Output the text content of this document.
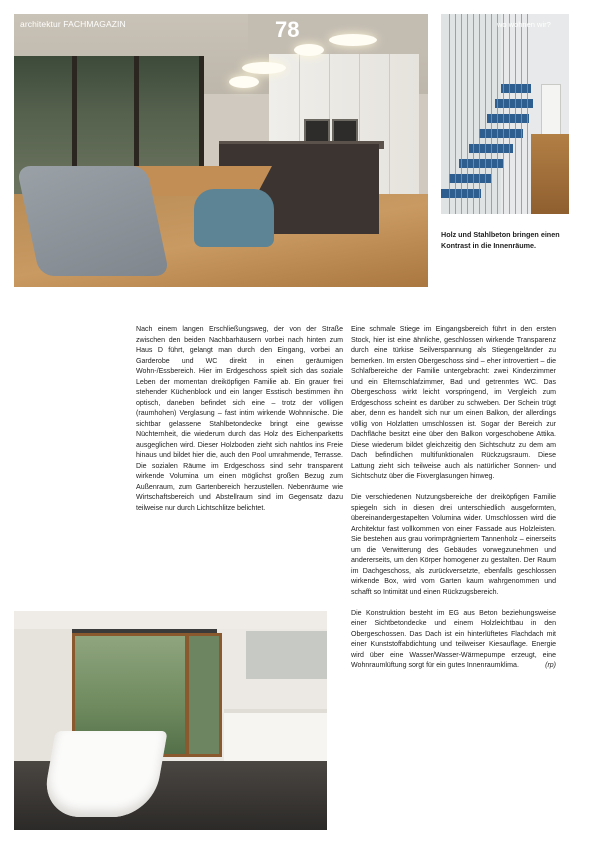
architektur FACHMAGAZIN	78	wo wohnen wir?
Holz und Stahlbeton bringen einen Kontrast in die Innenräume.

Nach einem langen Erschließungsweg, der von der Straße zwischen den beiden Nachbarhäusern vorbei nach hinten zum Haus D führt, gelangt man durch den Eingang, vorbei an Garderobe und WC direkt in einen geräumigen Wohn-/Essbereich. Hier im Erdgeschoss spielt sich das soziale Leben der momentan dreiköpfigen Familie ab. Ein grauer frei stehender Küchenblock und ein langer Esstisch bestimmen ihn optisch, daneben befindet sich eine – trotz der völligen (raumhohen) Verglasung – fast intim wirkende Wohnnische. Die sichtbar gelassene Stahlbetondecke bringt eine gewisse Nüchternheit, die wiederum durch das Holz des Eichenparketts ausgeglichen wird. Dieser Holzboden zieht sich nahtlos ins Freie hinaus und bildet hier die, auch den Pool umrahmende, Terrasse. Die sozialen Räume im Erdgeschoss sind sehr transparent wirkende Volumina um einen möglichst großen Bezug zum Außenraum, zum Gartenbereich herzustellen. Nebenräume wie Wirtschaftsbereich und Abstellraum sind im Gegensatz dazu teilweise nur durch Lichtschlitze belichtet.

Eine schmale Stiege im Eingangsbereich führt in den ersten Stock, hier ist eine ähnliche, geschlossen wirkende Transparenz durch eine türkise Seilverspannung als Stiegengeländer zu bemerken. Im ersten Obergeschoss sind – eher introvertiert – die Schlafbereiche der Familie untergebracht: zwei Kinderzimmer und ein Elternschlafzimmer, Bad und getrenntes WC. Das Obergeschoss wirkt leicht vorspringend, im Vergleich zum Erdgeschoss scheint es darüber zu schweben. Der Schein trügt aber, denn es handelt sich nur um einen Balkon, der allerdings völlig von Holzlatten umschlossen ist. Sogar der Bereich zur Dachfläche besitzt eine über den Balkon vorgeschobene Attika. Diese wiederum bildet gleichzeitig den Sichtschutz zu dem am Dach befindlichen multifunktionalen Rückzugsraum. Diese Lattung zieht sich teilweise auch als natürlicher Sonnen- und Sichtschutz über die Fixverglasungen hinweg.

Die verschiedenen Nutzungsbereiche der dreiköpfigen Familie spiegeln sich in diesen drei unterschiedlich ausgeformten, übereinandergestapelten Volumina wider. Umschlossen wird die Architektur fast vollkommen von einer Fassade aus Holzleisten. Sie bestehen aus grau vorimprägniertem Tannenholz – einerseits um die Verwitterung des Gebäudes vorwegzunehmen und andererseits, um den Körper homogener zu gestalten. Der Raum im Dachgeschoss, als zurückversetzte, ebenfalls geschlossen wirkende Box, wird vom Garten kaum wahrgenommen und schafft so Intimität und einen Rückzugsbereich.

Die Konstruktion besteht im EG aus Beton beziehungsweise einer Sichtbetondecke und einem Holzleichtbau in den Obergeschossen. Das Dach ist ein hinterlüftetes Flachdach mit einer Kunststoffabdichtung und teilweiser Kiesauflage. Energie wird über eine Wasser/Wasser-Wärmepumpe erzeugt, eine Wohnraumlüftung sorgt für ein gutes Innenraumklima.	(rp)
